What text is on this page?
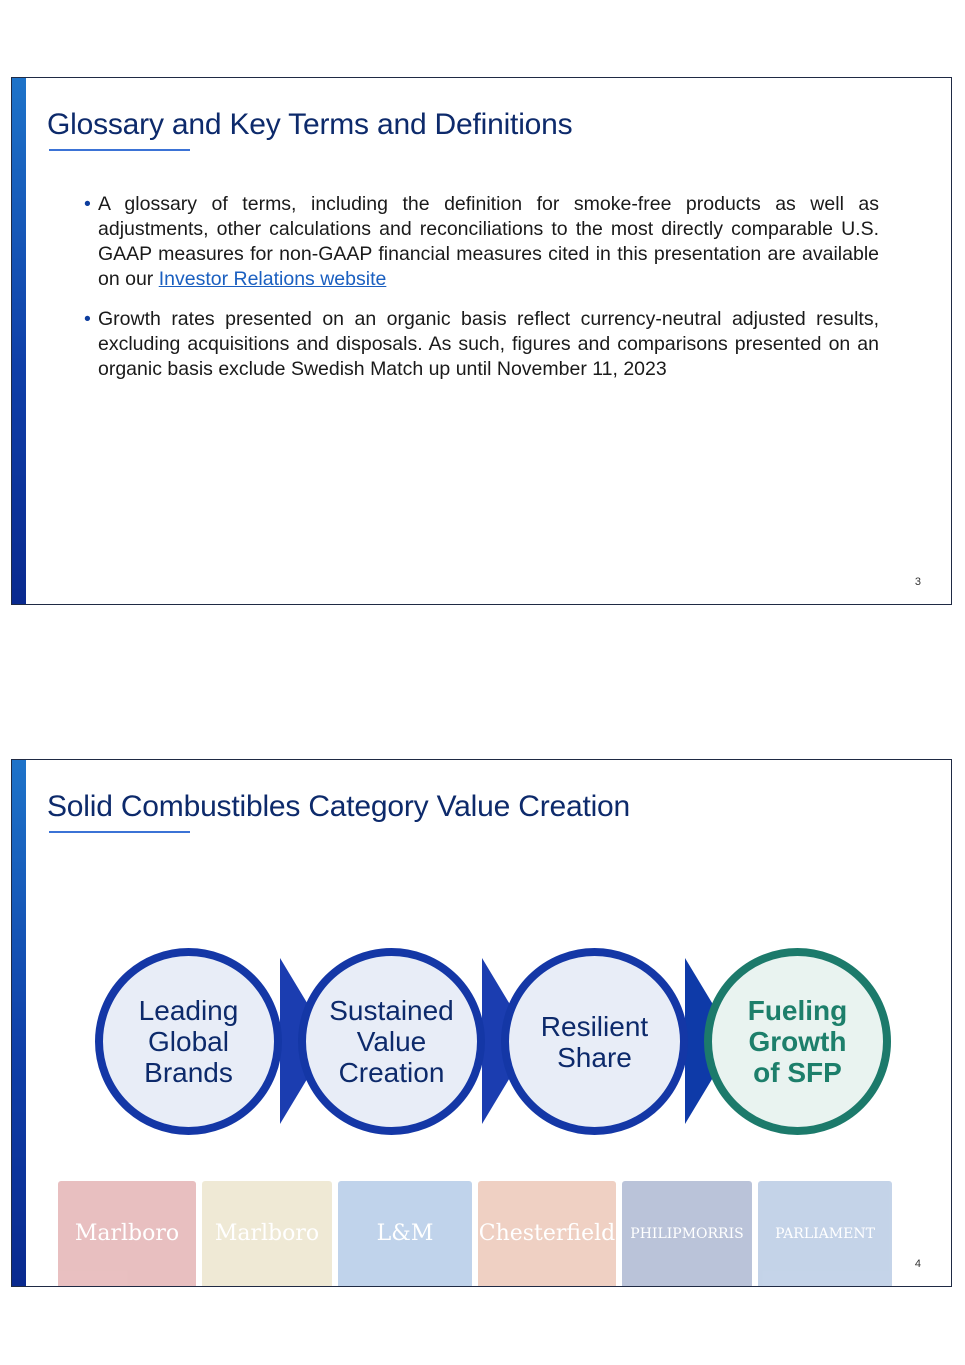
Glossary and Key Terms and Definitions
• A glossary of terms, including the definition for smoke-free products as well as adjustments, other calculations and reconciliations to the most directly comparable U.S. GAAP measures for non-GAAP financial measures cited in this presentation are available on our Investor Relations website
• Growth rates presented on an organic basis reflect currency-neutral adjusted results, excluding acquisitions and disposals. As such, figures and comparisons presented on an organic basis exclude Swedish Match up until November 11, 2023
3
Solid Combustibles Category Value Creation
Leading
Global
Brands
Sustained
Value
Creation
Resilient
Share
Fueling
Growth
of SFP
Marlboro Marlboro	L&M Chesterfield PHILIPMORRIS PARLIAMENT
4
